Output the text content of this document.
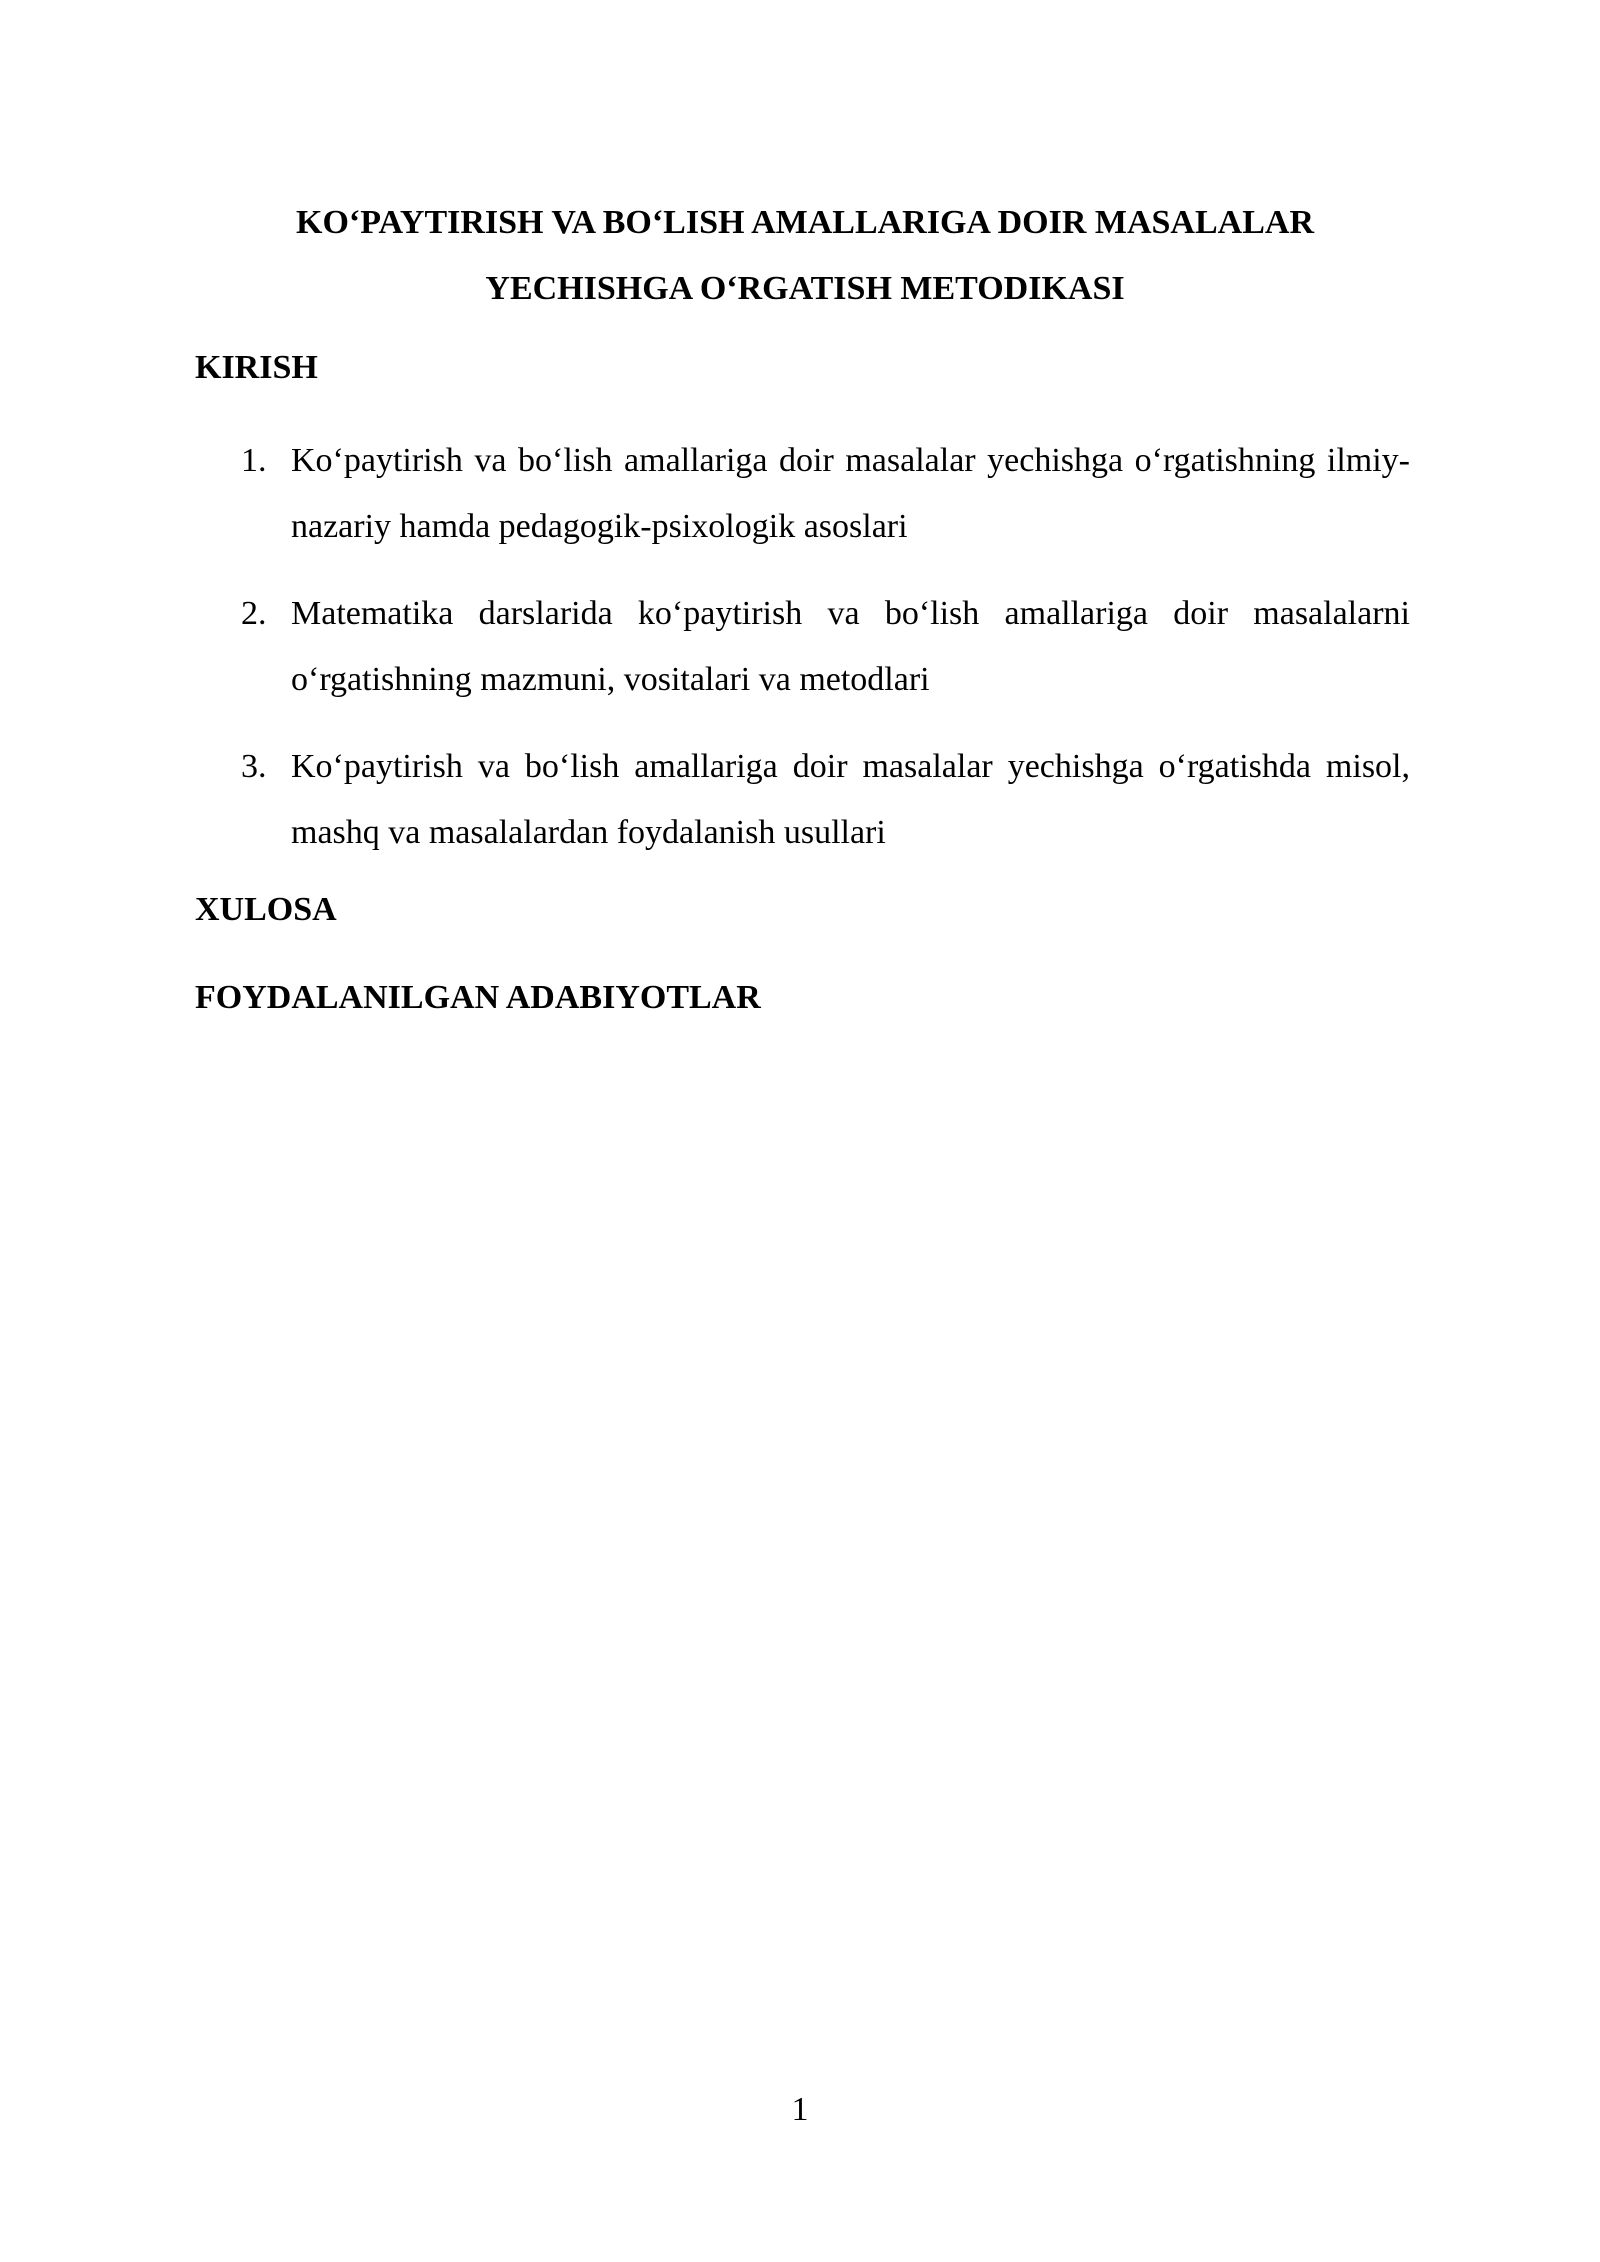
KO‘PAYTIRISH VA BO‘LISH AMALLARIGA DOIR MASALALAR
YECHISHGA O‘RGATISH METODIKASI
KIRISH
1. Ko‘paytirish va bo‘lish amallariga doir masalalar yechishga o‘rgatishning ilmiy-nazariy hamda pedagogik-psixologik asoslari
2. Matematika darslarida ko‘paytirish va bo‘lish amallariga doir masalalarni o‘rgatishning mazmuni, vositalari va metodlari
3. Ko‘paytirish va bo‘lish amallariga doir masalalar yechishga o‘rgatishda misol, mashq va masalalardan foydalanish usullari
XULOSA
FOYDALANILGAN ADABIYOTLAR
1
